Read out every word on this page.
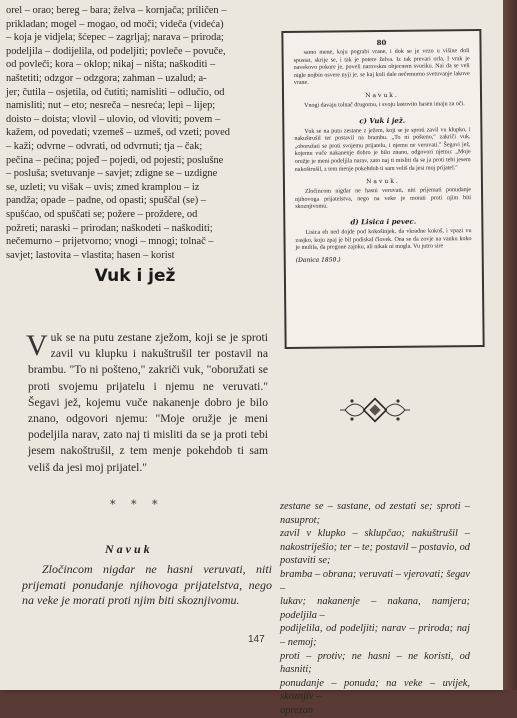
orel – orao; bereg – bara; želva – kornjača; priličen –
prikladan; mogel – mogao, od moči; videča (videća)
– koja je vidjela; šćepec – zagrljaj; narava – priroda;
podeljila – dodijelila, od podeljiti; povleče – povuče,
od povleči; kora – oklop; nikaj – ništa; naškoditi –
naštetiti; odzgor – odzgora; zahman – uzalud; a-
jer; čutila – osjetila, od čutiti; namisliti – odlučio, od
namisliti; nut – eto; nesreča – nesreća; lepi – lijep;
doisto – doista; vlovil – ulovio, od vloviti; povem –
kažem, od povedati; vzemeš – uzmeš, od vzeti; poved
– kaži; odvrne – odvrati, od odvrnuti; tja – čak;
pečina – pećina; pojeđ – pojedi, od pojesti; poslušne
– posluša; svetuvanje – savjet; zdigne se – uzdigne
se, uzleti; vu višak – uvis; zmed kramplou – iz
pandža; opade – padne, od opasti; spuščal (se) –
spušćao, od spuščati se; požere – proždere, od
požreti; naraski – prirodan; naškodeti – naškoditi;
nečemurno – prijetvorno; vnogi – mnogi; tolnač –
savjet; lastovita – vlastita; hasen – korist
Vuk i jež
Vuk se na putu zestane zježom, koji se je sproti zavil vu klupku i nakuštrušil ter postavil na brambu. "To ni pošteno," zakriči vuk, "oboružati se proti svojemu prijatelu i njemu ne veruvati." Šegavi jež, kojemu vuče nakanenje dobro je bilo znano, odgovori njemu: "Moje oružje je meni podeljila narav, zato naj ti misliti da se ja proti tebi jesem nakoštrušil, z tem menje pokehdob ti sam veliš da jesi moj prijatel."
* * *
Navuk
Zločincom nigdar ne hasni veruvati, niti prijemati ponudanje njihovoga prijatelstva, nego na veke je morati proti njim biti skoznjivomu.
80
samo mene, koju pograbi vrane, i dok se je vezo u višine doli spustat, skrije se, i tak je potere želva. Iz tak prevari orla. I vrak je navekovo pokore je, poveli narovskm objecnem svoriku. Nai da se veli nigle nojbin osvere nyji je, se kaj koli dale nečemurno svetuvanje lakove vrane.
Navuk.
Vnogi davaju tolnač drugomu, i svoju lastovito hasen imaju za oči.
c) Vuk i jež.
Vuk se na putu zestane z ježem, koji se je sproti zavil vu klupko, i nakuštrušil ter postavil na brambu. „To ni pošteno," zakriči vuk, „oboružati se proti svojemu prijatelu, i njemu ne veruvati." Šegavi jež, kojemu vuče nakanenje dobro je bilo znano, odgovori njemu: „Moje oružje je meni podeljila narav, zato naj ti misliti da se ja proti tebi jesem nakoštrušil, z tem menje pokehdob ti sam veliš da jesi moj prijatel."
Navuk.
Zločincom nigdar ne hasni veruvati, niti prijemati ponudanje njihovoga prijatelstva, nego na veke je morati proti njim biti skoznjivomu.
d) Lisica i pevec.
Lisica eh ned dojde pod kokošinjek, da vkradne kokoš, i vpazi vu zasjko, koju zpaj je bil podiskal človek. Ona se da zovje na vanku koko je mulila, da pregone zajnku, ali nikak ni mogla. Vu jutro sire
(Danica 1850.)
zestane se – sastane, od zestati se; sproti – nasuprot;
zavil v klupko – sklupčao; nakuštrušil – nakostriješio; ter – te; postavil – postavio, od postaviti se;
bramba – obrana; veruvati – vjerovati; šegav –
lukav; nakanenje – nakana, namjera; podeljila –
podijelila, od podeljiti; narav – priroda; naj – nemoj;
proti – protiv; ne hasni – ne koristi, od hasniti;
ponudanje – ponuda; na veke – uvijek, skoznjiv –
oprezan
147
